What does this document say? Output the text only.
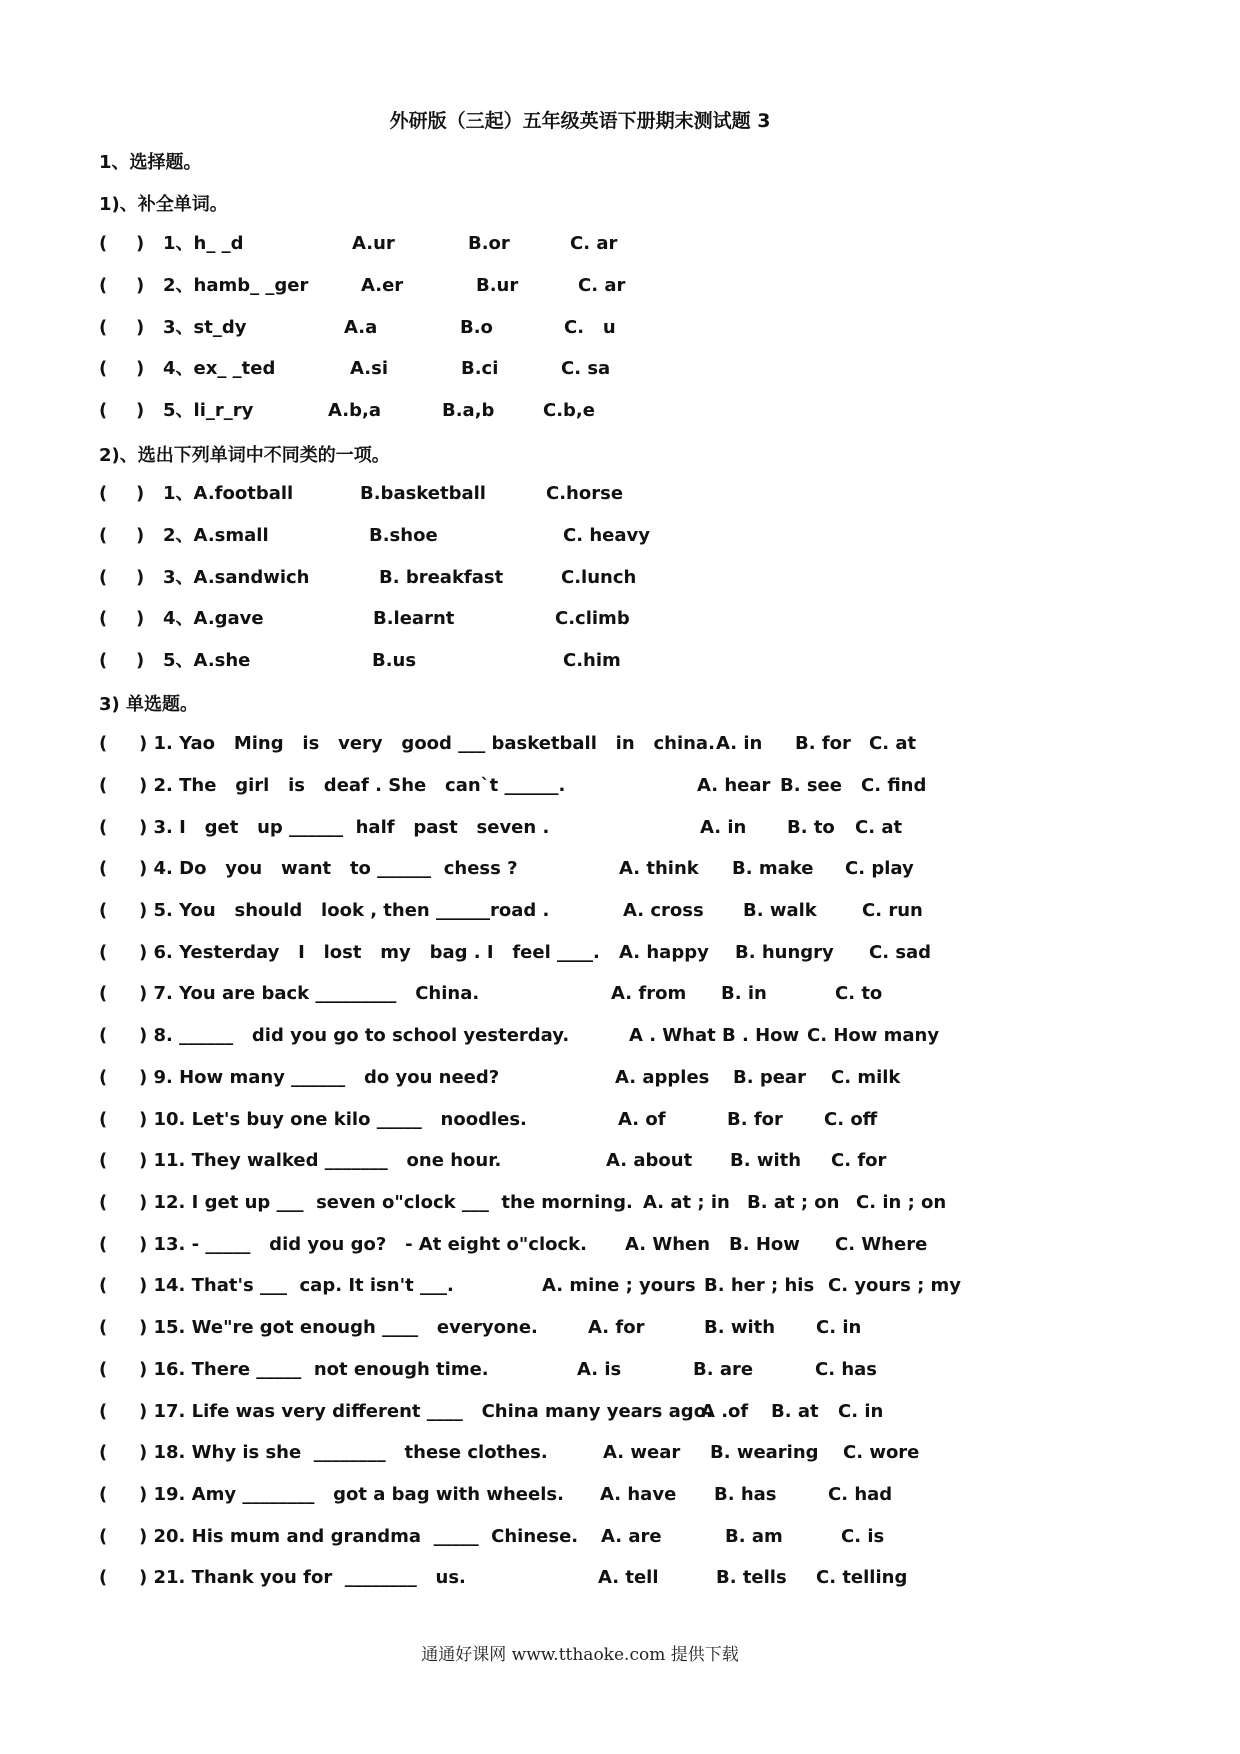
外研版（三起）五年级英语下册期末测试题 3
1、选择题。
1)、补全单词。
( )   1、h_ _d	A.ur	B.or	C. ar
( )   2、hamb_ _ger	A.er	B.ur	C. ar
( )   3、st_dy	A.a	B.o	C.   u
( )   4、ex_ _ted	A.si	B.ci	C. sa
( )   5、li_r_ry	A.b,a	B.a,b	C.b,e
2)、选出下列单词中不同类的一项。
( )   1、A.football	B.basketball	C.horse
( )   2、A.small	B.shoe	C. heavy
( )   3、A.sandwich	B. breakfast	C.lunch
( )   4、A.gave	B.learnt	C.climb
( )   5、A.she	B.us	C.him
3) 单选题。
( ) 1. Yao   Ming   is   very   good ___ basketball   in   china. A. in B. for C. at
( ) 2. The   girl   is   deaf . She   can`t ______.	A. hear B. see C. find
( ) 3. I   get   up ______  half   past   seven .	A. in B. to C. at
( ) 4. Do   you   want   to ______  chess ?	A. think B. make C. play
( ) 5. You   should   look , then ______road .	A. cross B. walk	C. run
( ) 6. Yesterday   I   lost   my   bag . I   feel ____. A. happy B. hungry C. sad
( ) 7. You are back _________   China.	A. from B. in	C. to
( ) 8. ______   did you go to school yesterday.	A . What B . How C. How many
( ) 9. How many ______   do you need?	A. apples B. pear C. milk
( ) 10. Let's buy one kilo _____   noodles.	A. of	B. for C. off
( ) 11. They walked _______   one hour.	A. about B. with C. for
( ) 12. I get up ___  seven o"clock ___  the morning. A. at ; in B. at ; on C. in ; on
( ) 13. - _____   did you go?   - At eight o"clock. A. When B. How C. Where
( ) 14. That's ___  cap. It isn't ___.	A. mine ; yours B. her ; his C. yours ; my
( ) 15. We"re got enough ____   everyone.	A. for	B. with C. in
( ) 16. There _____  not enough time.	A. is	B. are	C. has
( ) 17. Life was very different ____   China many years ago.
A .of B. at C. in
( ) 18. Why is she  ________   these clothes.	A. wear B. wearing C. wore
( ) 19. Amy ________   got a bag with wheels. A. have B. has	C. had
( ) 20. His mum and grandma  _____  Chinese. A. are	B. am	C. is
( ) 21. Thank you for  ________   us.	A. tell	B. tells C. telling
通通好课网 www.tthaoke.com 提供下载
